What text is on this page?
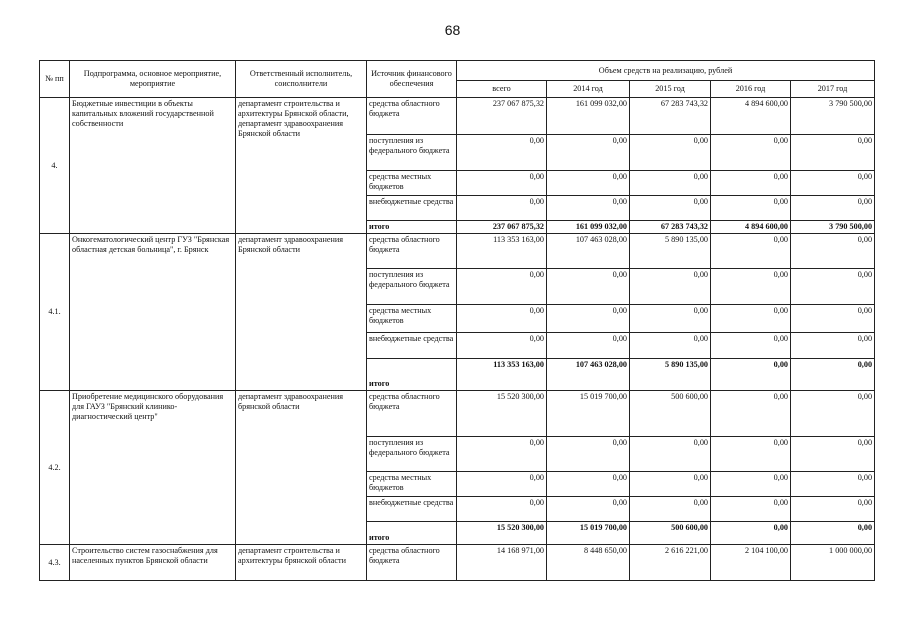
68
№ пп	Подпрограмма, основное мероприятие, мероприятие	Ответственный исполнитель, соисполнители	Источник финансового обеспечения	Объем средств на реализацию, рублей				
				всего	2014 год	2015 год	2016 год	2017 год
4.	Бюджетные инвестиции в объекты капитальных вложений государственной собственности	департамент строительства и архитектуры Брянской области, департамент здравоохранения Брянской области	средства областного бюджета	237 067 875,32	161 099 032,00	67 283 743,32	4 894 600,00	3 790 500,00
			поступления из федерального бюджета	0,00	0,00	0,00	0,00	0,00
			средства местных бюджетов	0,00	0,00	0,00	0,00	0,00
			внебюджетные средства	0,00	0,00	0,00	0,00	0,00
			итого	237 067 875,32	161 099 032,00	67 283 743,32	4 894 600,00	3 790 500,00
4.1.	Онкогематологический центр ГУЗ "Брянская областная детская больница", г. Брянск	департамент здравоохранения Брянской области	средства областного бюджета	113 353 163,00	107 463 028,00	5 890 135,00	0,00	0,00
			поступления из федерального бюджета	0,00	0,00	0,00	0,00	0,00
			средства местных бюджетов	0,00	0,00	0,00	0,00	0,00
			внебюджетные средства	0,00	0,00	0,00	0,00	0,00
			итого	113 353 163,00	107 463 028,00	5 890 135,00	0,00	0,00
4.2.	Приобретение медицинского оборудования для ГАУЗ "Брянский клинико-диагностический центр"	департамент здравоохранения брянской области	средства областного бюджета	15 520 300,00	15 019 700,00	500 600,00	0,00	0,00
			поступления из федерального бюджета	0,00	0,00	0,00	0,00	0,00
			средства местных бюджетов	0,00	0,00	0,00	0,00	0,00
			внебюджетные средства	0,00	0,00	0,00	0,00	0,00
			итого	15 520 300,00	15 019 700,00	500 600,00	0,00	0,00
4.3.	Строительство систем газоснабжения для населенных пунктов Брянской области	департамент строительства и архитектуры брянской области	средства областного бюджета	14 168 971,00	8 448 650,00	2 616 221,00	2 104 100,00	1 000 000,00
